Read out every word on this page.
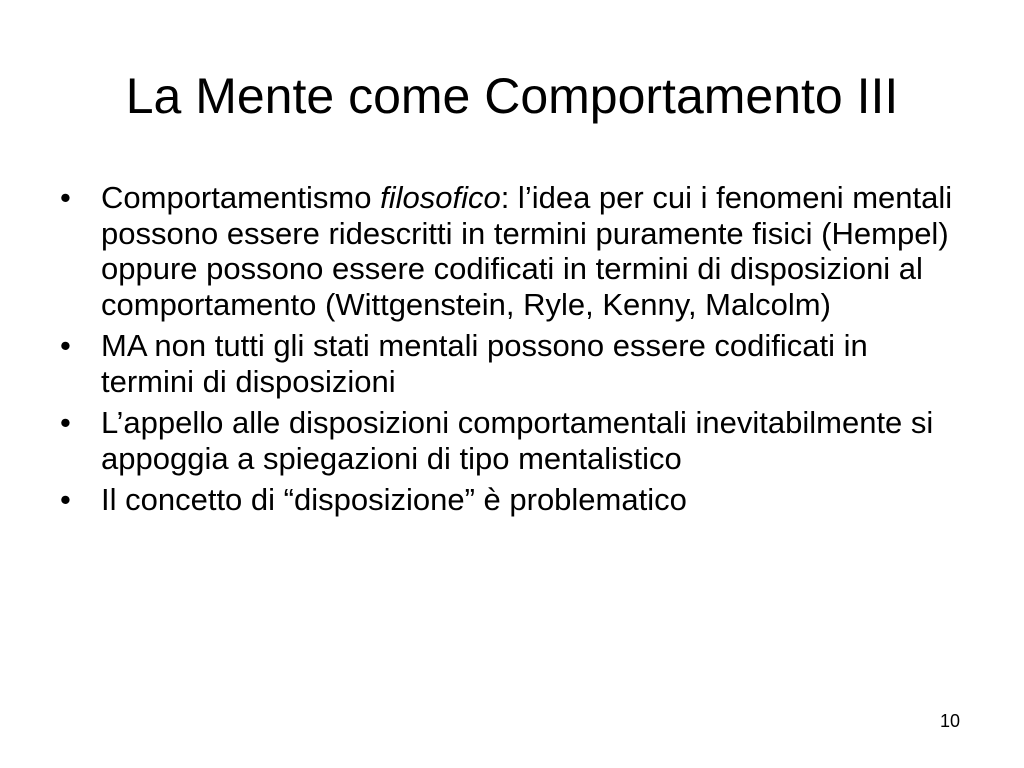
La Mente come Comportamento III
• Comportamentismo filosofico: l’idea per cui i fenomeni mentali possono essere ridescritti in termini puramente fisici (Hempel) oppure possono essere codificati in termini di disposizioni al comportamento (Wittgenstein, Ryle, Kenny, Malcolm)
• MA non tutti gli stati mentali possono essere codificati in termini di disposizioni
• L’appello alle disposizioni comportamentali inevitabilmente si appoggia a spiegazioni di tipo mentalistico
• Il concetto di “disposizione” è problematico
10
